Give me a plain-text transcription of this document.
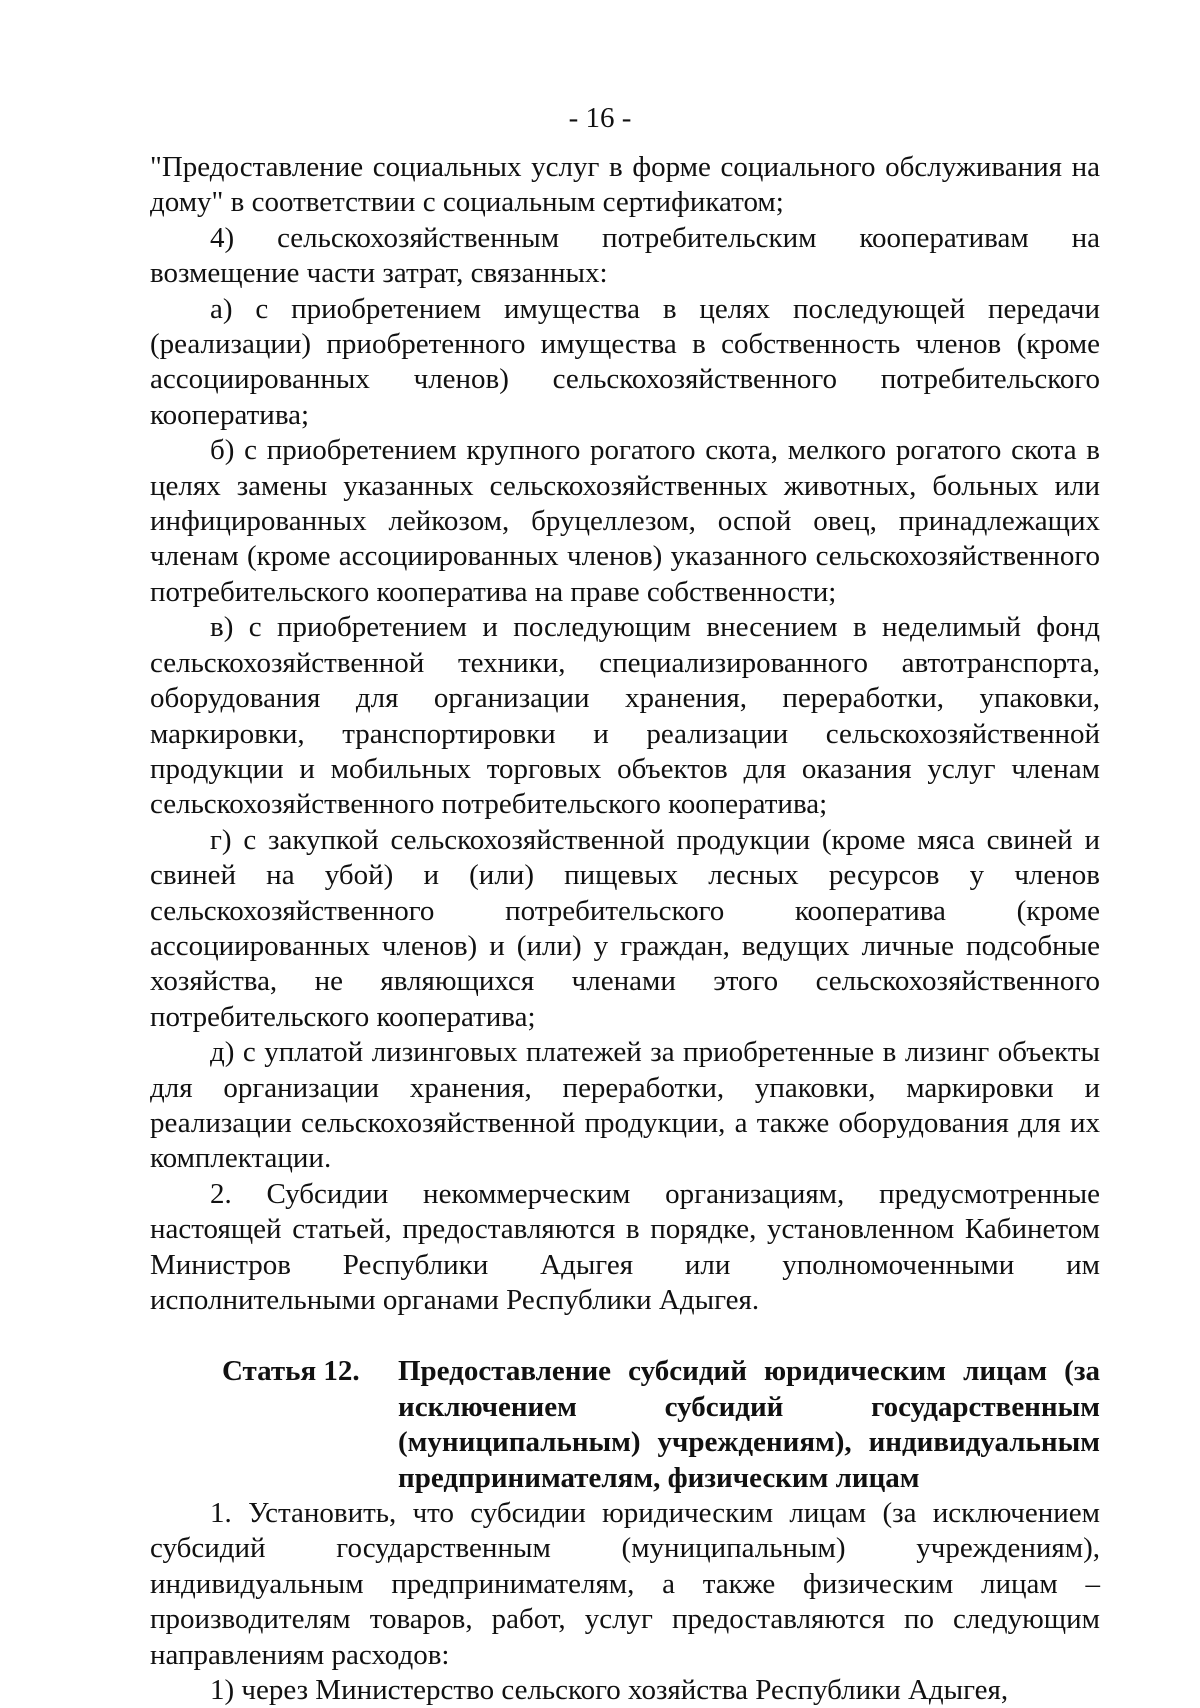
- 16 -

"Предоставление социальных услуг в форме социального обслуживания на дому" в соответствии с социальным сертификатом;

4) сельскохозяйственным потребительским кооперативам на возмещение части затрат, связанных:

а) с приобретением имущества в целях последующей передачи (реализации) приобретенного имущества в собственность членов (кроме ассоциированных членов) сельскохозяйственного потребительского кооператива;

б) с приобретением крупного рогатого скота, мелкого рогатого скота в целях замены указанных сельскохозяйственных животных, больных или инфицированных лейкозом, бруцеллезом, оспой овец, принадлежащих членам (кроме ассоциированных членов) указанного сельскохозяйственного потребительского кооператива на праве собственности;

в) с приобретением и последующим внесением в неделимый фонд сельскохозяйственной техники, специализированного автотранспорта, оборудования для организации хранения, переработки, упаковки, маркировки, транспортировки и реализации сельскохозяйственной продукции и мобильных торговых объектов для оказания услуг членам сельскохозяйственного потребительского кооператива;

г) с закупкой сельскохозяйственной продукции (кроме мяса свиней и свиней на убой) и (или) пищевых лесных ресурсов у членов сельскохозяйственного потребительского кооператива (кроме ассоциированных членов) и (или) у граждан, ведущих личные подсобные хозяйства, не являющихся членами этого сельскохозяйственного потребительского кооператива;

д) с уплатой лизинговых платежей за приобретенные в лизинг объекты для организации хранения, переработки, упаковки, маркировки и реализации сельскохозяйственной продукции, а также оборудования для их комплектации.

2. Субсидии некоммерческим организациям, предусмотренные настоящей статьей, предоставляются в порядке, установленном Кабинетом Министров Республики Адыгея или уполномоченными им исполнительными органами Республики Адыгея.

Статья 12.	Предоставление субсидий юридическим лицам (за исключением субсидий государственным (муниципальным) учреждениям), индивидуальным предпринимателям, физическим лицам

1. Установить, что субсидии юридическим лицам (за исключением субсидий государственным (муниципальным) учреждениям), индивидуальным предпринимателям, а также физическим лицам – производителям товаров, работ, услуг предоставляются по следующим направлениям расходов:

1) через Министерство сельского хозяйства Республики Адыгея,
